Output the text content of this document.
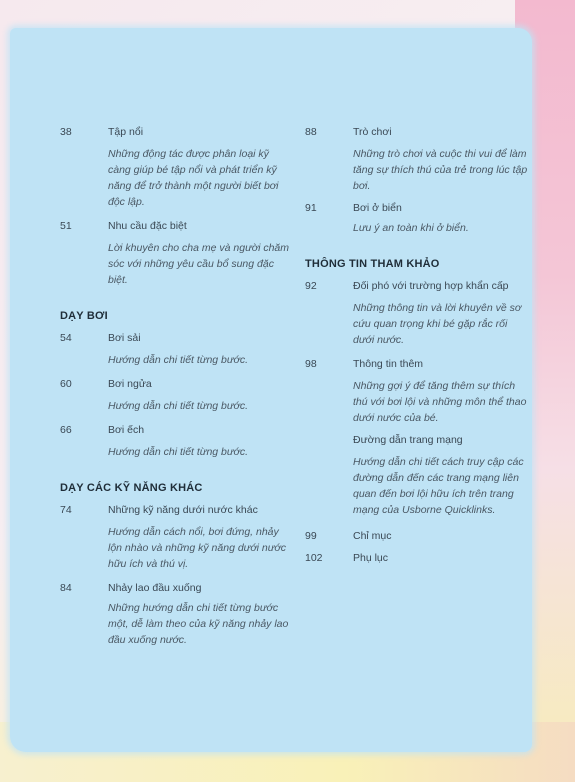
38	Tập nổi
Những động tác được phân loại kỹ càng giúp bé tập nổi và phát triển kỹ năng để trở thành một người biết bơi độc lập.
51	Nhu cầu đặc biệt
Lời khuyên cho cha mẹ và người chăm sóc với những yêu cầu bổ sung đặc biệt.
DẠY BƠI
54	Bơi sải
Hướng dẫn chi tiết từng bước.
60	Bơi ngửa
Hướng dẫn chi tiết từng bước.
66	Bơi ếch
Hướng dẫn chi tiết từng bước.
DẠY CÁC KỸ NĂNG KHÁC
74	Những kỹ năng dưới nước khác
Hướng dẫn cách nổi, bơi đứng, nhảy lộn nhào và những kỹ năng dưới nước hữu ích và thú vị.
84	Nhảy lao đầu xuống
Những hướng dẫn chi tiết từng bước một, dễ làm theo của kỹ năng nhảy lao đầu xuống nước.
88	Trò chơi
Những trò chơi và cuộc thi vui để làm tăng sự thích thú của trẻ trong lúc tập bơi.
91	Bơi ở biển
Lưu ý an toàn khi ở biển.
THÔNG TIN THAM KHẢO
92	Đối phó với trường hợp khẩn cấp
Những thông tin và lời khuyên về sơ cứu quan trọng khi bé gặp rắc rối dưới nước.
98	Thông tin thêm
Những gợi ý để tăng thêm sự thích thú với bơi lội và những môn thể thao dưới nước của bé.
Đường dẫn trang mạng
Hướng dẫn chi tiết cách truy cập các đường dẫn đến các trang mạng liên quan đến bơi lội hữu ích trên trang mạng của Usborne Quicklinks.
99	Chỉ mục
102	Phụ lục
